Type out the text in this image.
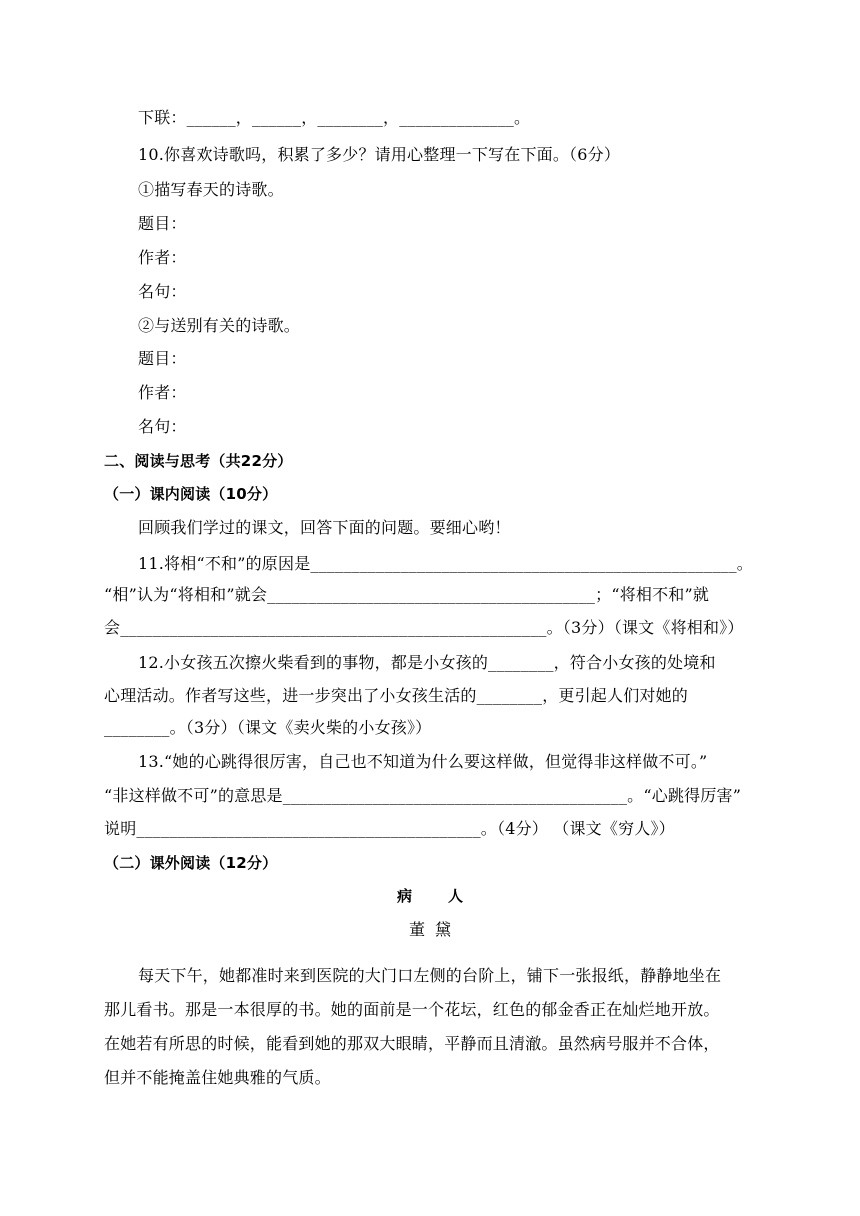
下联：______，______，________，______________。
10.你喜欢诗歌吗，积累了多少？请用心整理一下写在下面。（6分）
①描写春天的诗歌。
题目：
作者：
名句：
②与送别有关的诗歌。
题目：
作者：
名句：
二、阅读与思考（共22分）
（一）课内阅读（10分）
回顾我们学过的课文，回答下面的问题。要细心哟！
11.将相“不和”的原因是____________________________________________________。
“相”认为“将相和”就会________________________________________；“将相不和”就
会____________________________________________________。（3分）（课文《将相和》）
12.小女孩五次擦火柴看到的事物，都是小女孩的________，符合小女孩的处境和
心理活动。作者写这些，进一步突出了小女孩生活的________，更引起人们对她的
________。（3分）（课文《卖火柴的小女孩》）
13.“她的心跳得很厉害，自己也不知道为什么要这样做，但觉得非这样做不可。”
“非这样做不可”的意思是__________________________________________。“心跳得厉害”
说明__________________________________________。（4分） （课文《穷人》）
（二）课外阅读（12分）
病人
董黛
每天下午，她都准时来到医院的大门口左侧的台阶上，铺下一张报纸，静静地坐在
那儿看书。那是一本很厚的书。她的面前是一个花坛，红色的郁金香正在灿烂地开放。
在她若有所思的时候，能看到她的那双大眼睛，平静而且清澈。虽然病号服并不合体，
但并不能掩盖住她典雅的气质。
